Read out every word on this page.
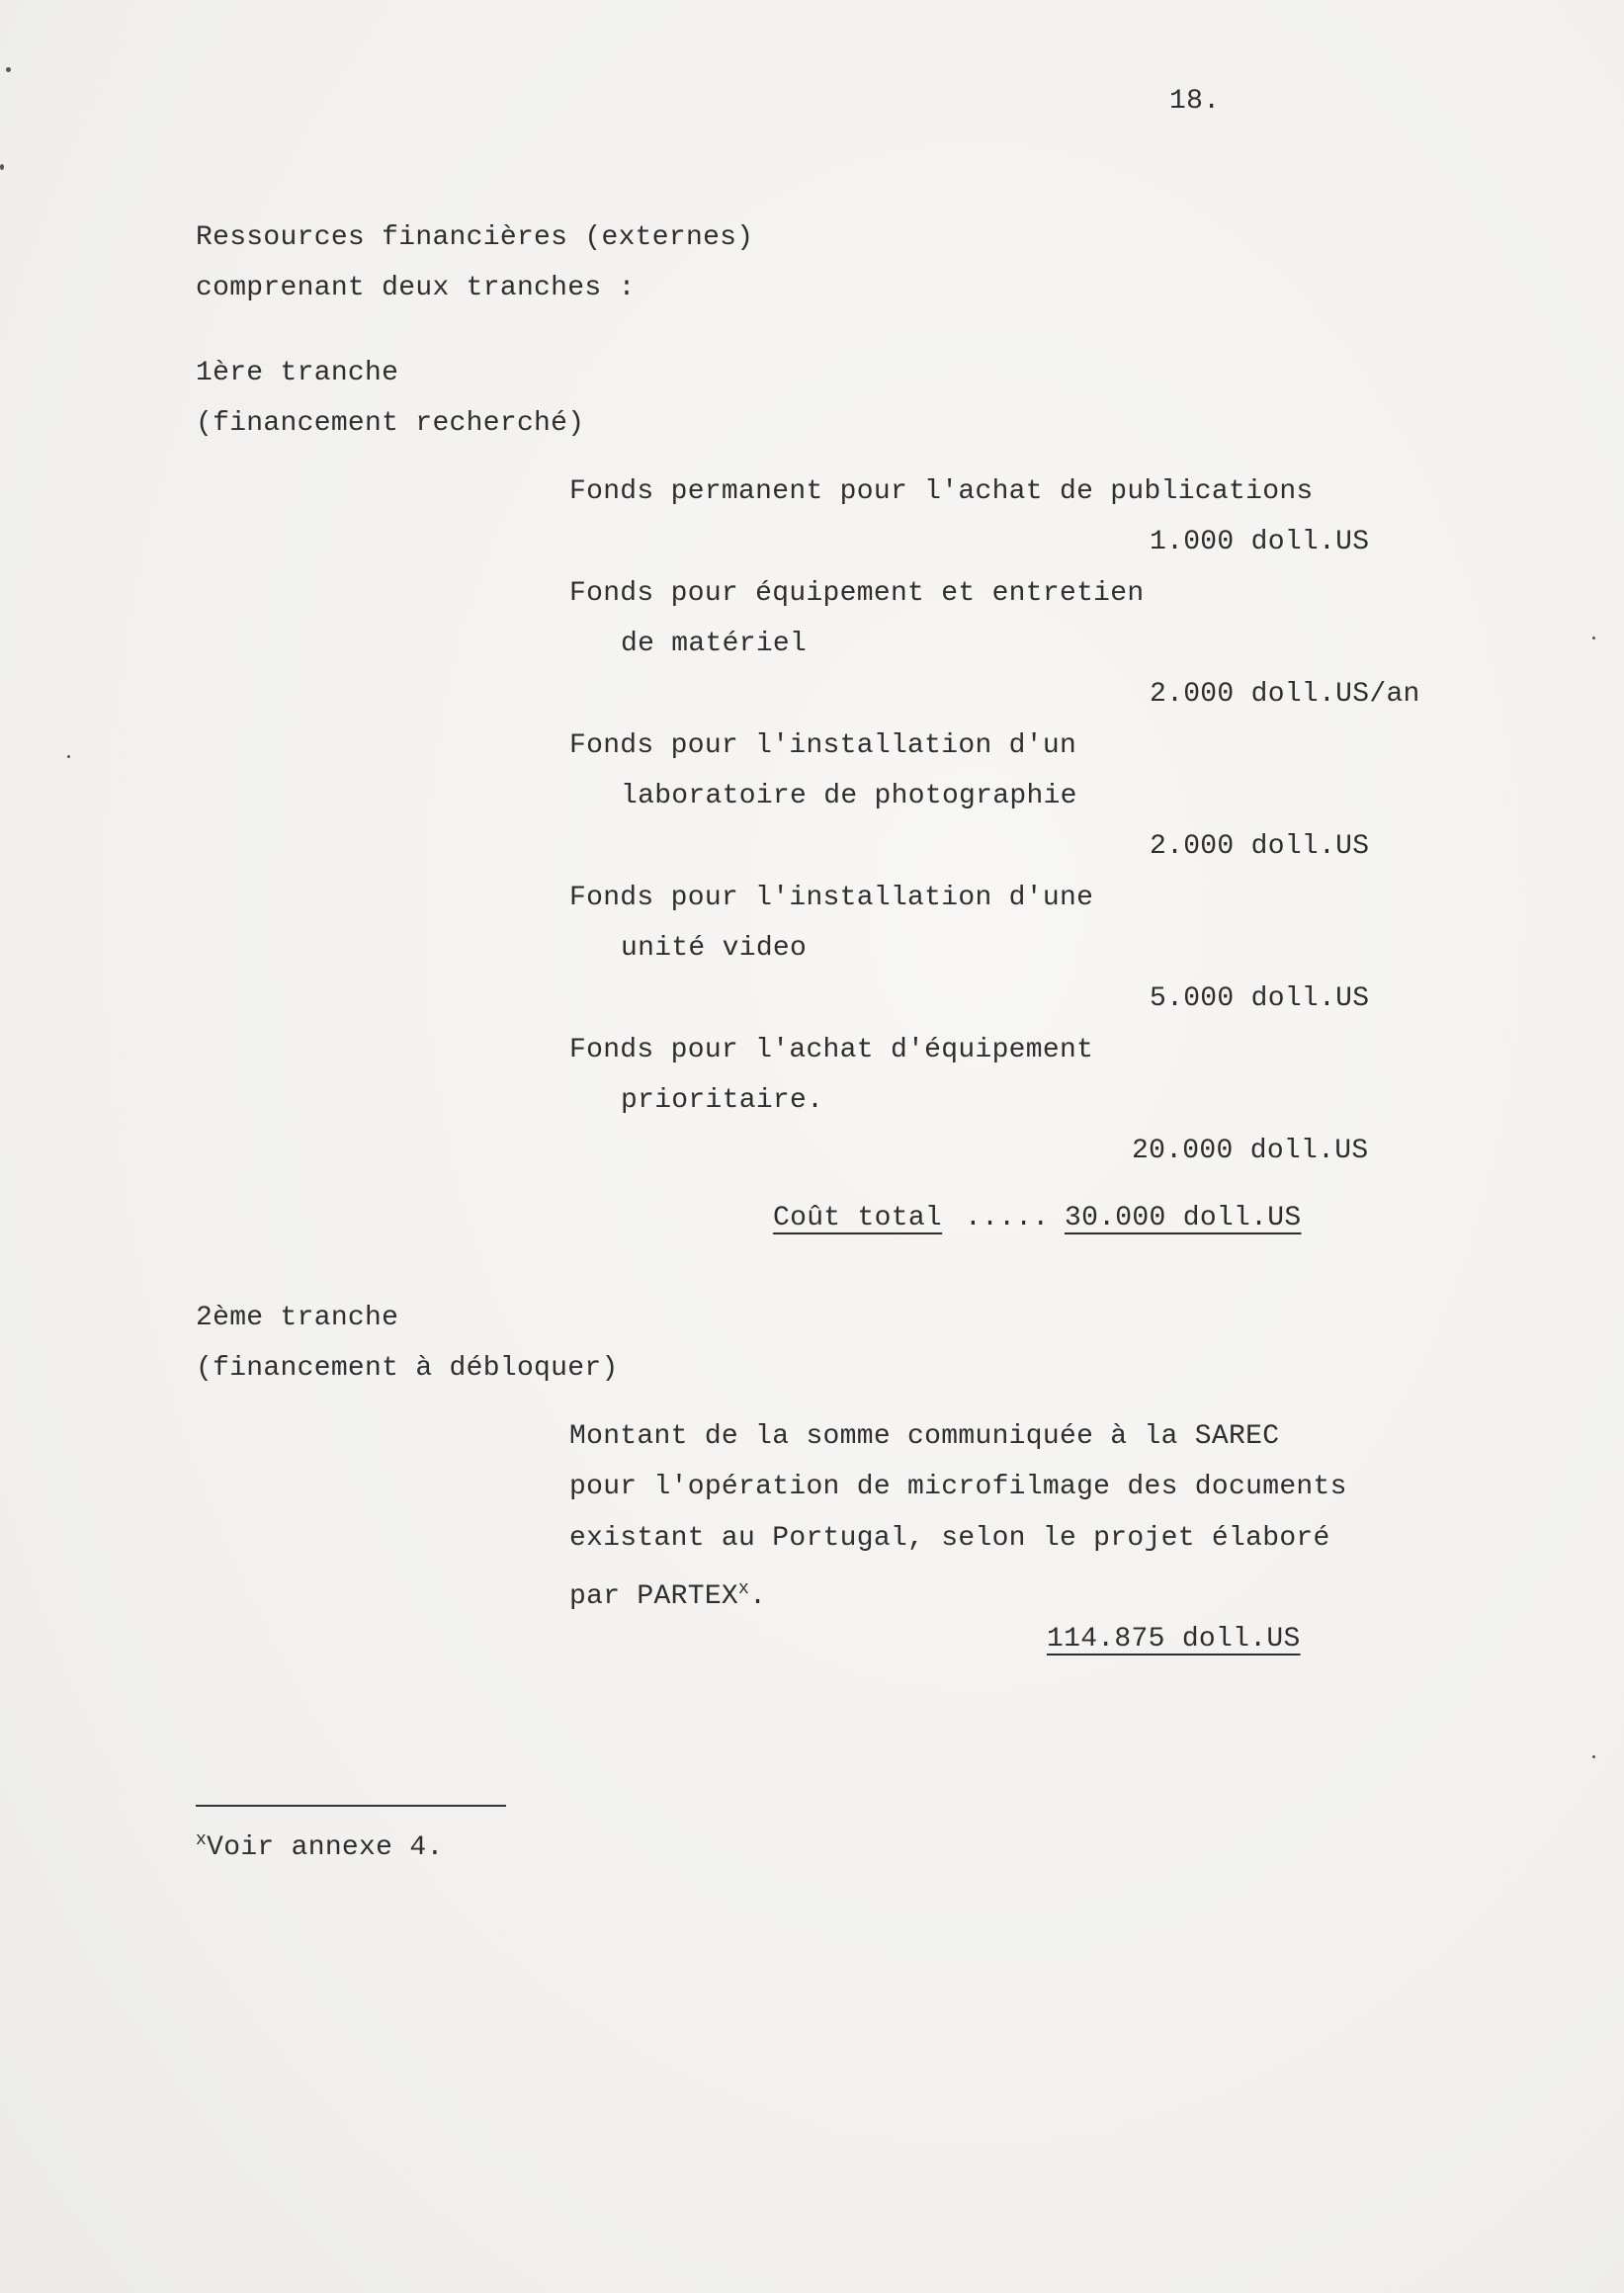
18.
Ressources financières (externes)
comprenant deux tranches :
1ère tranche
(financement recherché)
Fonds permanent pour l'achat de publications
1.000 doll.US
Fonds pour équipement et entretien
de matériel
2.000 doll.US/an
Fonds pour l'installation d'un
laboratoire de photographie
2.000 doll.US
Fonds pour l'installation d'une
unité video
5.000 doll.US
Fonds pour l'achat d'équipement
prioritaire.
20.000 doll.US
Coût total ..... 30.000 doll.US
2ème tranche
(financement à débloquer)
Montant de la somme communiquée à la SAREC
pour l'opération de microfilmage des documents
existant au Portugal, selon le projet élaboré
par PARTEX$^x$.
114.875 doll.US
$^x$Voir annexe 4.
